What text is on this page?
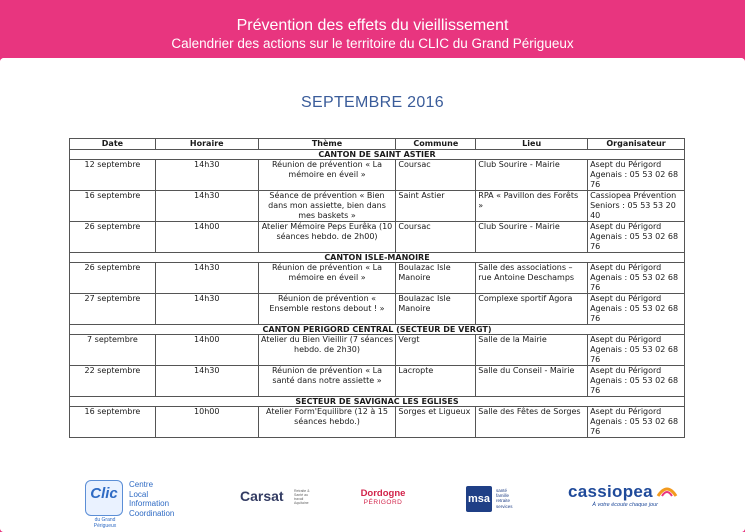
Prévention des effets du vieillissement
Calendrier des actions sur le territoire du CLIC du Grand Périgueux
SEPTEMBRE 2016
Date	Horaire	Thème	Commune	Lieu	Organisateur
CANTON DE SAINT ASTIER					
12 septembre	14h30	Réunion de prévention « La mémoire en éveil »	Coursac	Club Sourire - Mairie	Asept du Périgord Agenais : 05 53 02 68 76
16 septembre	14h30	Séance de prévention « Bien dans mon assiette, bien dans mes baskets »	Saint Astier	RPA « Pavillon des Forêts »	Cassiopea Prévention Seniors : 05 53 53 20 40
26 septembre	14h00	Atelier Mémoire Peps Eurêka (10 séances hebdo. de 2h00)	Coursac	Club Sourire - Mairie	Asept du Périgord Agenais : 05 53 02 68 76
CANTON ISLE-MANOIRE					
26 septembre	14h30	Réunion de prévention « La mémoire en éveil »	Boulazac Isle Manoire	Salle des associations – rue Antoine Deschamps	Asept du Périgord Agenais : 05 53 02 68 76
27 septembre	14h30	Réunion de prévention « Ensemble restons debout ! »	Boulazac Isle Manoire	Complexe sportif Agora	Asept du Périgord Agenais : 05 53 02 68 76
CANTON PERIGORD CENTRAL (SECTEUR DE VERGT)					
7 septembre	14h00	Atelier du Bien Vieillir (7 séances hebdo. de 2h30)	Vergt	Salle de la Mairie	Asept du Périgord Agenais : 05 53 02 68 76
22 septembre	14h30	Réunion de prévention « La santé dans notre assiette »	Lacropte	Salle du Conseil - Mairie	Asept du Périgord Agenais : 05 53 02 68 76
SECTEUR DE SAVIGNAC LES EGLISES					
16 septembre	10h00	Atelier Form'Equilibre (12 à 15 séances hebdo.)	Sorges et Ligueux	Salle des Fêtes de Sorges	Asept du Périgord Agenais : 05 53 02 68 76
Clic
du Grand Périgueux
Centre
Local
Information
Coordination
Carsat	Retraite & Santé au travail Aquitaine
Dordogne
PÉRIGORD	msa
santé
famille
retraite
services
cassiopea
À votre écoute chaque jour
